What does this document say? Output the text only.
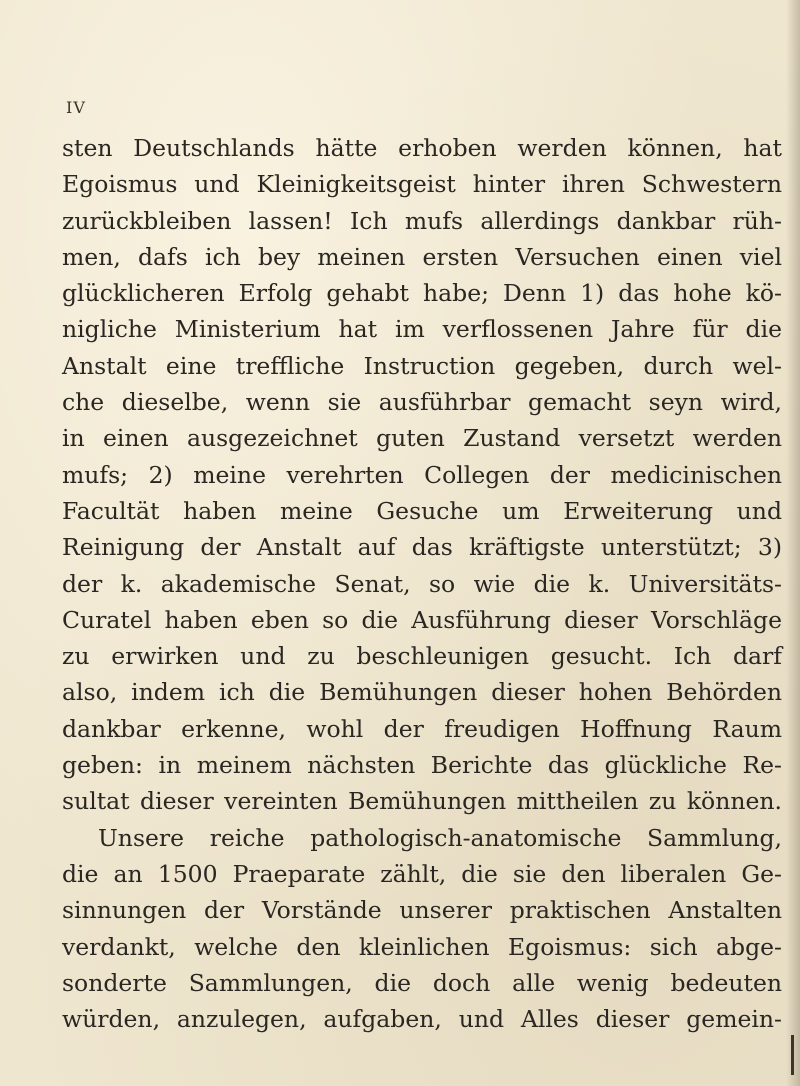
IV

sten Deutschlands hätte erhoben werden können, hat
Egoismus und Kleinigkeitsgeist hinter ihren Schwestern
zurückbleiben lassen! Ich mufs allerdings dankbar rüh-
men, dafs ich bey meinen ersten Versuchen einen viel
glücklicheren Erfolg gehabt habe; Denn 1) das hohe kö-
nigliche Ministerium hat im verflossenen Jahre für die
Anstalt eine treffliche Instruction gegeben, durch wel-
che dieselbe, wenn sie ausführbar gemacht seyn wird,
in einen ausgezeichnet guten Zustand versetzt werden
mufs; 2) meine verehrten Collegen der medicinischen
Facultät haben meine Gesuche um Erweiterung und
Reinigung der Anstalt auf das kräftigste unterstützt; 3)
der k. akademische Senat, so wie die k. Universitäts-
Curatel haben eben so die Ausführung dieser Vorschläge
zu erwirken und zu beschleunigen gesucht. Ich darf
also, indem ich die Bemühungen dieser hohen Behörden
dankbar erkenne, wohl der freudigen Hoffnung Raum
geben: in meinem nächsten Berichte das glückliche Re-
sultat dieser vereinten Bemühungen mittheilen zu können.
Unsere reiche pathologisch-anatomische Sammlung,
die an 1500 Praeparate zählt, die sie den liberalen Ge-
sinnungen der Vorstände unserer praktischen Anstalten
verdankt, welche den kleinlichen Egoismus: sich abge-
sonderte Sammlungen, die doch alle wenig bedeuten
würden, anzulegen, aufgaben, und Alles dieser gemein-
